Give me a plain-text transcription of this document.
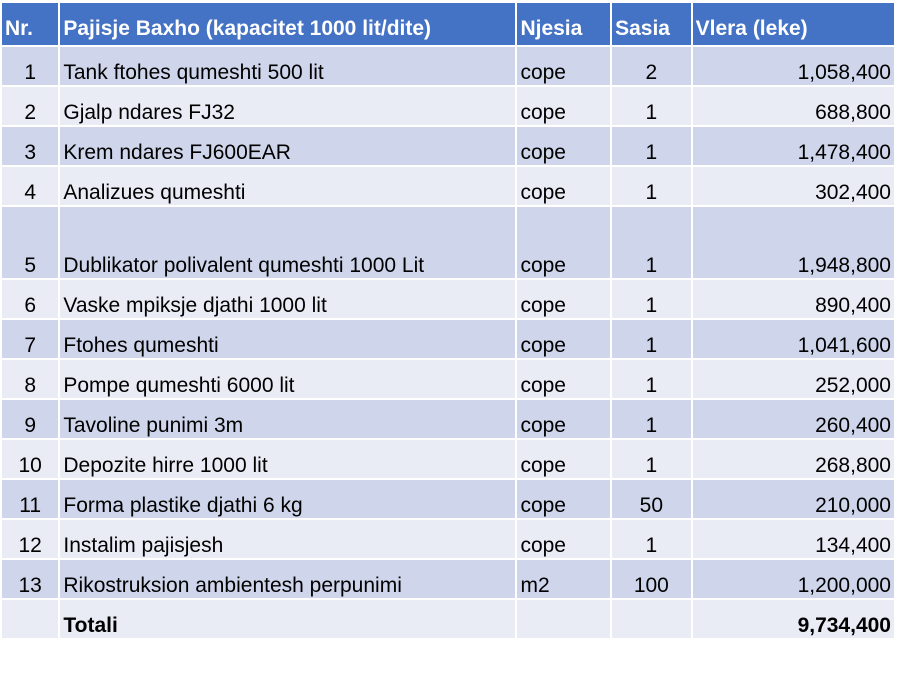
Nr.	Pajisje Baxho (kapacitet 1000 lit/dite)	Njesia	Sasia	Vlera (leke)
1	Tank ftohes qumeshti 500 lit	cope	2	1,058,400
2	Gjalp ndares FJ32	cope	1	688,800
3	Krem ndares FJ600EAR	cope	1	1,478,400
4	Analizues qumeshti	cope	1	302,400
5	Dublikator polivalent qumeshti 1000 Lit	cope	1	1,948,800
6	Vaske mpiksje djathi 1000 lit	cope	1	890,400
7	Ftohes qumeshti	cope	1	1,041,600
8	Pompe qumeshti 6000 lit	cope	1	252,000
9	Tavoline punimi 3m	cope	1	260,400
10	Depozite hirre 1000 lit	cope	1	268,800
11	Forma plastike djathi 6 kg	cope	50	210,000
12	Instalim pajisjesh	cope	1	134,400
13	Rikostruksion ambientesh perpunimi	m2	100	1,200,000
	Totali			9,734,400
